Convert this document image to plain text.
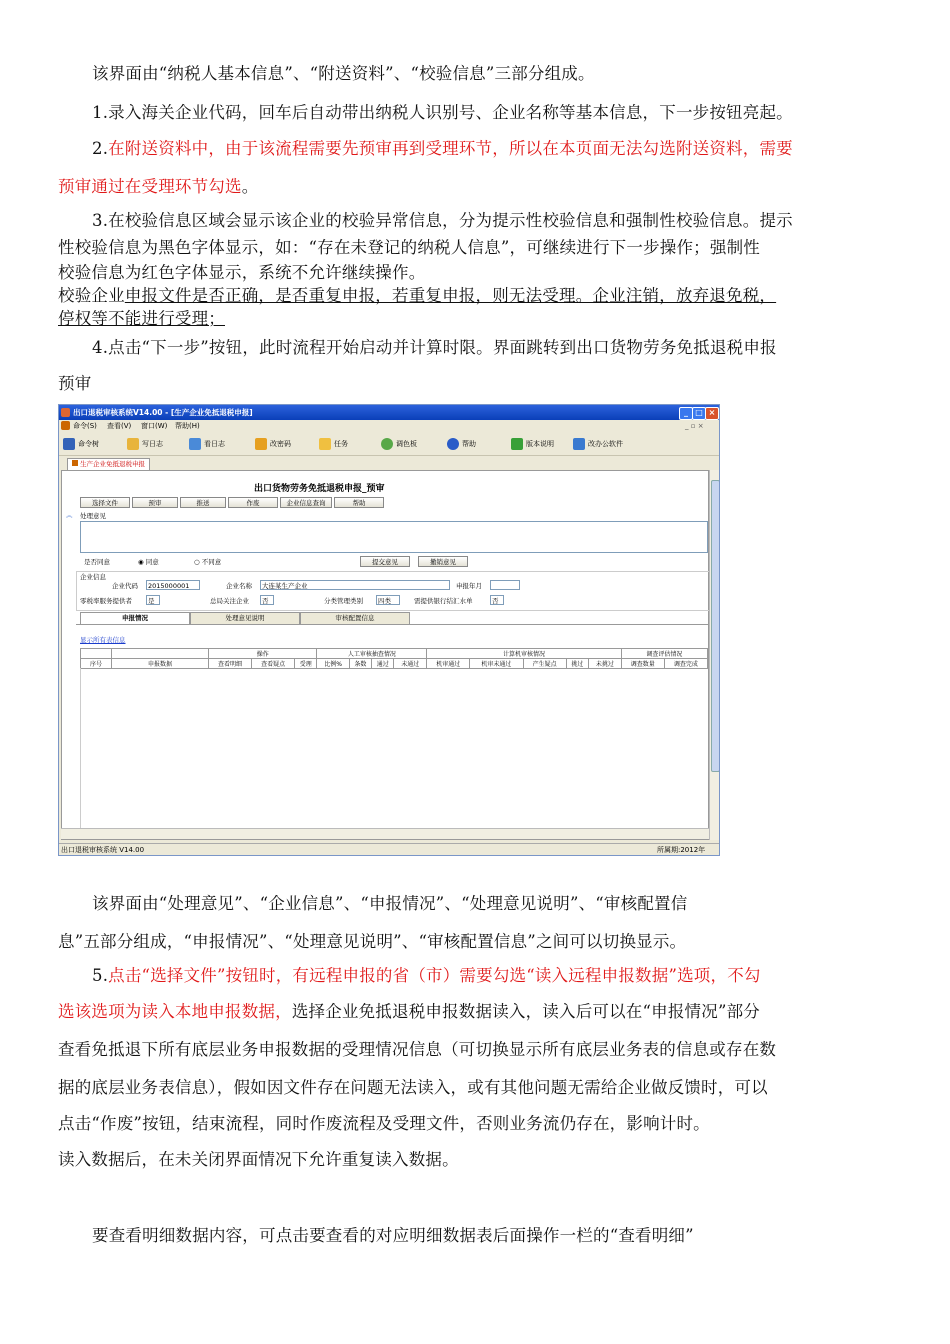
该界面由“纳税人基本信息”、“附送资料”、“校验信息”三部分组成。
1.录入海关企业代码，回车后自动带出纳税人识别号、企业名称等基本信息，下一步按钮亮起。
2.在附送资料中，由于该流程需要先预审再到受理环节，所以在本页面无法勾选附送资料，需要
预审通过在受理环节勾选。
3.在校验信息区域会显示该企业的校验异常信息，分为提示性校验信息和强制性校验信息。提示
性校验信息为黑色字体显示，如：“存在未登记的纳税人信息”，可继续进行下一步操作；强制性
校验信息为红色字体显示，系统不允许继续操作。
校验企业申报文件是否正确，是否重复申报，若重复申报，则无法受理。企业注销，放弃退免税，
停权等不能进行受理；
4.点击“下一步”按钮，此时流程开始启动并计算时限。界面跳转到出口货物劳务免抵退税申报
预审
出口退税审核系统V14.00 - [生产企业免抵退税申报]	_ □ ×
命令(S) 查看(V) 窗口(W) 帮助(H)	_ ▫ ×
命令树	写日志	看日志	改密码	任务	调色板	帮助	版本说明	改办公软件
生产企业免抵退税申报
出口货物劳务免抵退税申报_预审
选择文件	预审	推送	作废	企业信息查询	帮助
︽ 处理意见
是否同意	◉ 同意	○ 不同意	提交意见	撤销意见
企业信息
企业代码	2015000001	企业名称	大连某生产企业	申报年月
零税率服务提供者	是	总局关注企业	否	分类管理类别	四类	需提供银行结汇水单	否
申报情况	处理意见说明	审核配置信息
显示所有表信息
		操作			人工审核抽查情况				计算机审核情况					调查评估情况	
序号	申报数据	查看明细	查看疑点	受理	比例%	条数	通过	未通过	机审通过	机审未通过	产生疑点	挑过	未挑过	调查数量	调查完成
出口退税审核系统 V14.00	所属期:2012年
该界面由“处理意见”、“企业信息”、“申报情况”、“处理意见说明”、“审核配置信
息”五部分组成，“申报情况”、“处理意见说明”、“审核配置信息”之间可以切换显示。
5.点击“选择文件”按钮时，有远程申报的省（市）需要勾选“读入远程申报数据”选项，不勾
选该选项为读入本地申报数据，选择企业免抵退税申报数据读入，读入后可以在“申报情况”部分
查看免抵退下所有底层业务申报数据的受理情况信息（可切换显示所有底层业务表的信息或存在数
据的底层业务表信息），假如因文件存在问题无法读入，或有其他问题无需给企业做反馈时，可以
点击“作废”按钮，结束流程，同时作废流程及受理文件，否则业务流仍存在，影响计时。
读入数据后，在未关闭界面情况下允许重复读入数据。
要查看明细数据内容，可点击要查看的对应明细数据表后面操作一栏的“查看明细”
